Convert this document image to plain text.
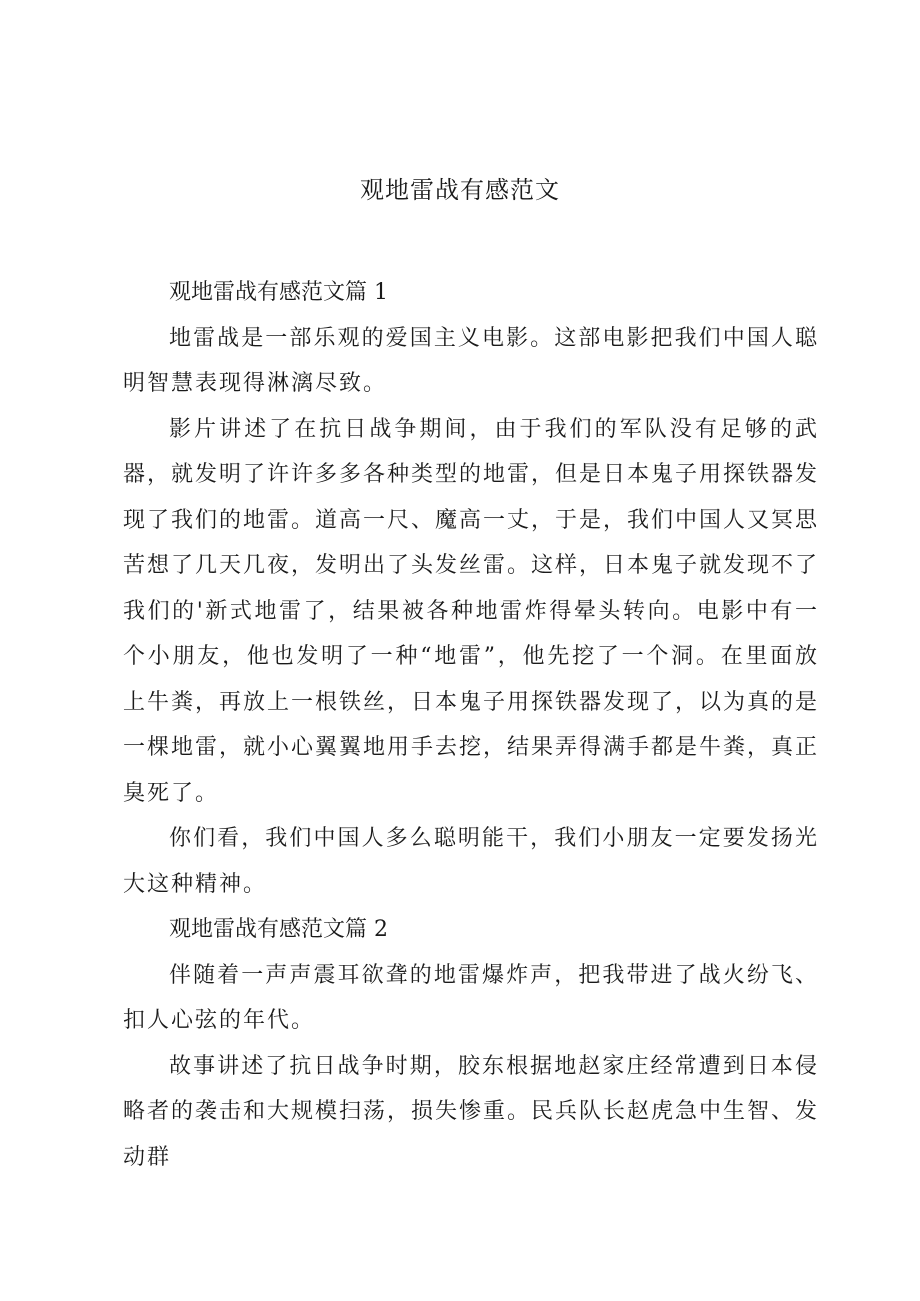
观地雷战有感范文

观地雷战有感范文篇 1

地雷战是一部乐观的爱国主义电影。这部电影把我们中国人聪明智慧表现得淋漓尽致。

影片讲述了在抗日战争期间，由于我们的军队没有足够的武器，就发明了许许多多各种类型的地雷，但是日本鬼子用探铁器发现了我们的地雷。道高一尺、魔高一丈，于是，我们中国人又冥思苦想了几天几夜，发明出了头发丝雷。这样，日本鬼子就发现不了我们的'新式地雷了，结果被各种地雷炸得晕头转向。电影中有一个小朋友，他也发明了一种“地雷”，他先挖了一个洞。在里面放上牛粪，再放上一根铁丝，日本鬼子用探铁器发现了，以为真的是一棵地雷，就小心翼翼地用手去挖，结果弄得满手都是牛粪，真正臭死了。

你们看，我们中国人多么聪明能干，我们小朋友一定要发扬光大这种精神。

观地雷战有感范文篇 2

伴随着一声声震耳欲聋的地雷爆炸声，把我带进了战火纷飞、扣人心弦的年代。

故事讲述了抗日战争时期，胶东根据地赵家庄经常遭到日本侵略者的袭击和大规模扫荡，损失惨重。民兵队长赵虎急中生智、发动群
